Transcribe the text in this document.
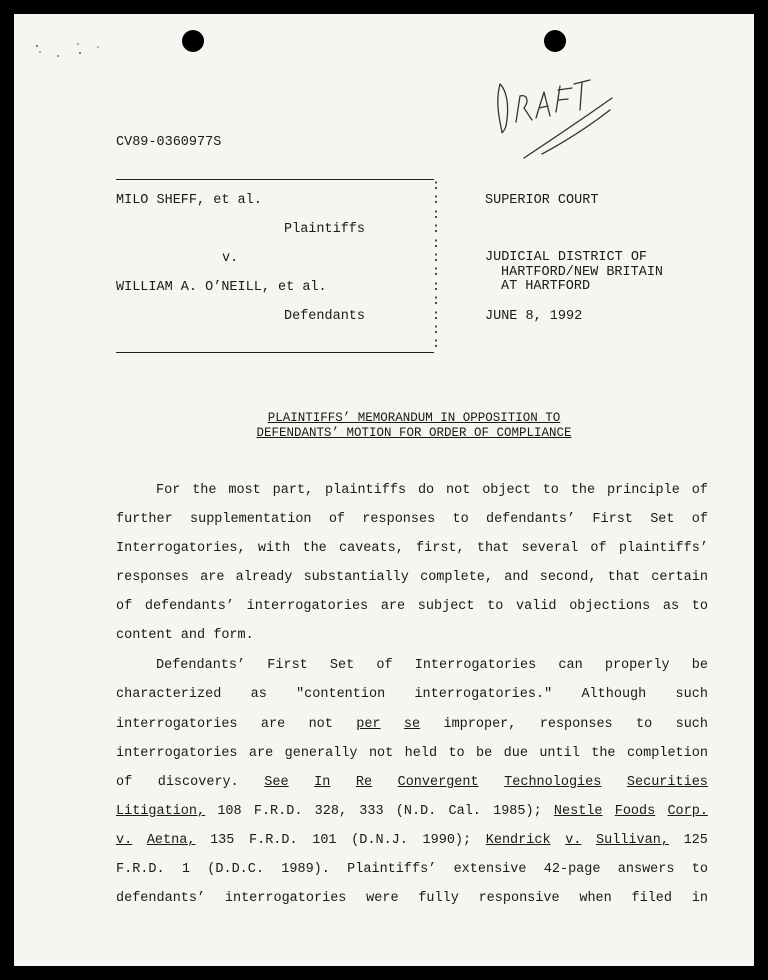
CV89-0360977S
:
:
:
:
:
:
:
:
:
:
:
:
MILO SHEFF, et al.
Plaintiffs
v.
WILLIAM A. O’NEILL, et al.
Defendants
SUPERIOR COURT
JUDICIAL DISTRICT OF
HARTFORD/NEW BRITAIN
AT HARTFORD
JUNE 8, 1992
PLAINTIFFS’ MEMORANDUM IN OPPOSITION TO
DEFENDANTS’ MOTION FOR ORDER OF COMPLIANCE
For the most part, plaintiffs do not object to the principle of
further supplementation of responses to defendants’ First Set of
Interrogatories, with the caveats, first, that several of plaintiffs’
responses are already substantially complete, and second, that certain
of defendants’ interrogatories are subject to valid objections as to
content and form.
Defendants’ First Set of Interrogatories can properly be
characterized as "contention interrogatories." Although such
interrogatories are not per se improper, responses to such
interrogatories are generally not held to be due until the completion
of discovery. See In Re Convergent Technologies Securities
Litigation, 108 F.R.D. 328, 333 (N.D. Cal. 1985); Nestle Foods Corp.
v. Aetna, 135 F.R.D. 101 (D.N.J. 1990); Kendrick v. Sullivan, 125
F.R.D. 1 (D.D.C. 1989). Plaintiffs’ extensive 42-page answers to
defendants’ interrogatories were fully responsive when filed in
